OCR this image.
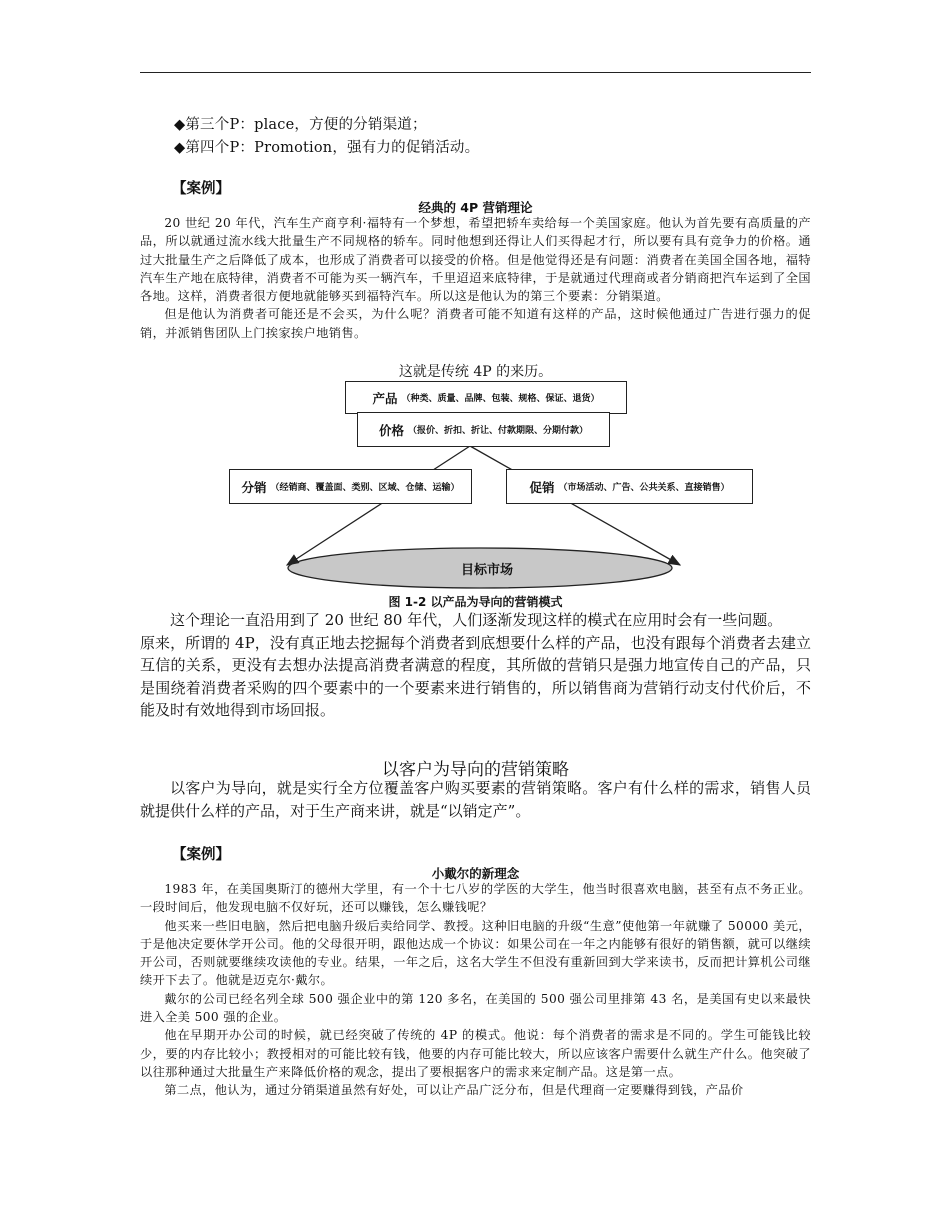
◆第三个P：place，方便的分销渠道；

◆第四个P：Promotion，强有力的促销活动。

【案例】

经典的 4P 营销理论

20 世纪 20 年代，汽车生产商亨利·福特有一个梦想，希望把轿车卖给每一个美国家庭。他认为首先要有高质量的产品，所以就通过流水线大批量生产不同规格的轿车。同时他想到还得让人们买得起才行，所以要有具有竞争力的价格。通过大批量生产之后降低了成本，也形成了消费者可以接受的价格。但是他觉得还是有问题：消费者在美国全国各地，福特汽车生产地在底特律，消费者不可能为买一辆汽车，千里迢迢来底特律，于是就通过代理商或者分销商把汽车运到了全国各地。这样，消费者很方便地就能够买到福特汽车。所以这是他认为的第三个要素：分销渠道。

但是他认为消费者可能还是不会买，为什么呢？消费者可能不知道有这样的产品，这时候他通过广告进行强力的促销，并派销售团队上门挨家挨户地销售。

这就是传统 4P 的来历。

产品 （种类、质量、品牌、包装、规格、保证、退货）
价格 （报价、折扣、折让、付款期限、分期付款）
分销 （经销商、覆盖面、类别、区域、仓储、运输）	促销 （市场活动、广告、公共关系、直接销售）
目标市场

图 1-2 以产品为导向的营销模式

这个理论一直沿用到了 20 世纪 80 年代，人们逐渐发现这样的模式在应用时会有一些问题。

原来，所谓的 4P，没有真正地去挖掘每个消费者到底想要什么样的产品，也没有跟每个消费者去建立互信的关系，更没有去想办法提高消费者满意的程度，其所做的营销只是强力地宣传自己的产品，只是围绕着消费者采购的四个要素中的一个要素来进行销售的，所以销售商为营销行动支付代价后，不能及时有效地得到市场回报。

以客户为导向的营销策略

以客户为导向，就是实行全方位覆盖客户购买要素的营销策略。客户有什么样的需求，销售人员就提供什么样的产品，对于生产商来讲，就是“以销定产”。

【案例】

小戴尔的新理念

1983 年，在美国奥斯汀的德州大学里，有一个十七八岁的学医的大学生，他当时很喜欢电脑，甚至有点不务正业。一段时间后，他发现电脑不仅好玩，还可以赚钱，怎么赚钱呢？

他买来一些旧电脑，然后把电脑升级后卖给同学、教授。这种旧电脑的升级“生意”使他第一年就赚了 50000 美元，于是他决定要休学开公司。他的父母很开明，跟他达成一个协议：如果公司在一年之内能够有很好的销售额，就可以继续开公司，否则就要继续攻读他的专业。结果，一年之后，这名大学生不但没有重新回到大学来读书，反而把计算机公司继续开下去了。他就是迈克尔·戴尔。

戴尔的公司已经名列全球 500 强企业中的第 120 多名，在美国的 500 强公司里排第 43 名，是美国有史以来最快进入全美 500 强的企业。

他在早期开办公司的时候，就已经突破了传统的 4P 的模式。他说：每个消费者的需求是不同的。学生可能钱比较少，要的内存比较小；教授相对的可能比较有钱，他要的内存可能比较大，所以应该客户需要什么就生产什么。他突破了以往那种通过大批量生产来降低价格的观念，提出了要根据客户的需求来定制产品。这是第一点。

第二点，他认为，通过分销渠道虽然有好处，可以让产品广泛分布，但是代理商一定要赚得到钱，产品价
